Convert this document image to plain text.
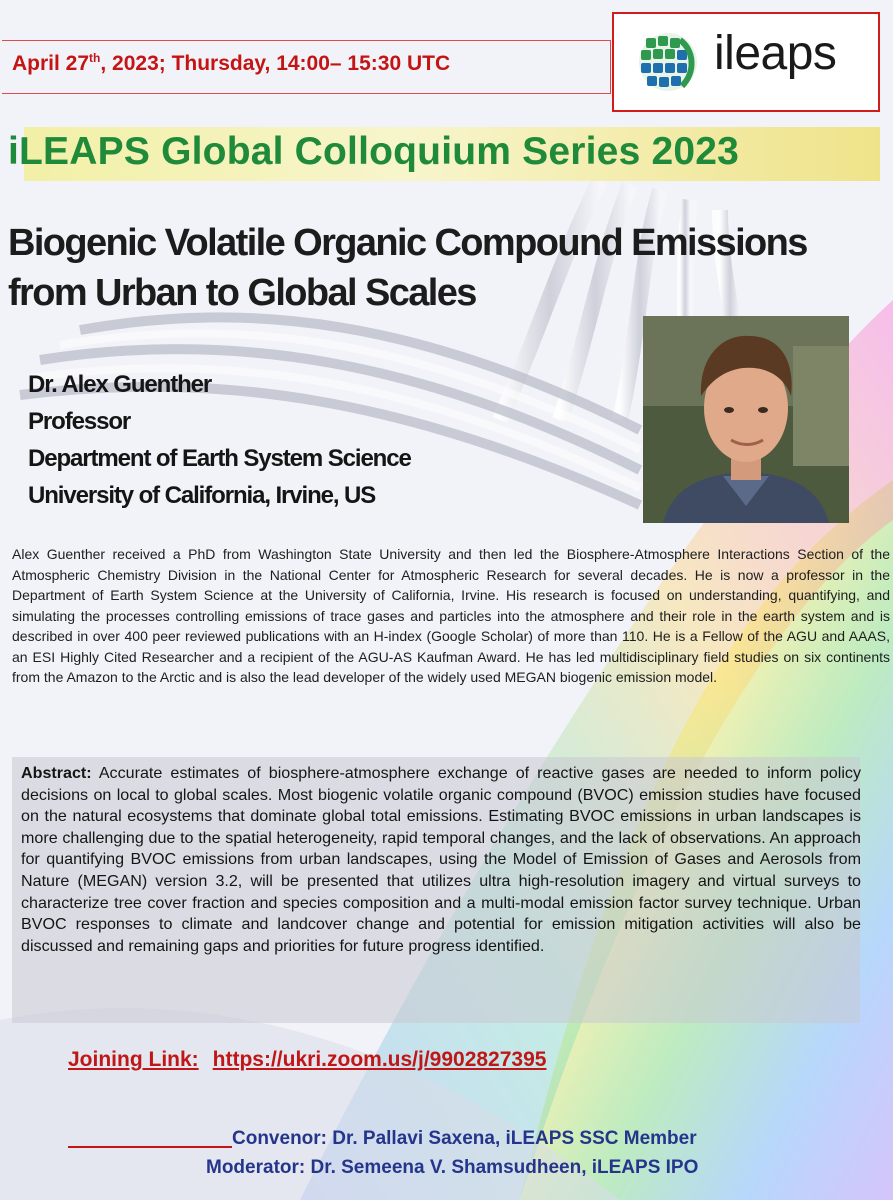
April 27th, 2023; Thursday, 14:00– 15:30 UTC	ileaps
iLEAPS Global Colloquium Series 2023
Biogenic Volatile Organic Compound Emissions from Urban to Global Scales
Dr. Alex Guenther
Professor
Department of Earth System Science
University of California, Irvine, US
Alex Guenther received a PhD from Washington State University and then led the Biosphere-Atmosphere Interactions Section of the Atmospheric Chemistry Division in the National Center for Atmospheric Research for several decades. He is now a professor in the Department of Earth System Science at the University of California, Irvine. His research is focused on understanding, quantifying, and simulating the processes controlling emissions of trace gases and particles into the atmosphere and their role in the earth system and is described in over 400 peer reviewed publications with an H-index (Google Scholar) of more than 110. He is a Fellow of the AGU and AAAS, an ESI Highly Cited Researcher and a recipient of the AGU-AS Kaufman Award. He has led multidisciplinary field studies on six continents from the Amazon to the Arctic and is also the lead developer of the widely used MEGAN biogenic emission model.
Abstract: Accurate estimates of biosphere-atmosphere exchange of reactive gases are needed to inform policy decisions on local to global scales. Most biogenic volatile organic compound (BVOC) emission studies have focused on the natural ecosystems that dominate global total emissions. Estimating BVOC emissions in urban landscapes is more challenging due to the spatial heterogeneity, rapid temporal changes, and the lack of observations. An approach for quantifying BVOC emissions from urban landscapes, using the Model of Emission of Gases and Aerosols from Nature (MEGAN) version 3.2, will be presented that utilizes ultra high-resolution imagery and virtual surveys to characterize tree cover fraction and species composition and a multi-modal emission factor survey technique. Urban BVOC responses to climate and landcover change and potential for emission mitigation activities will also be discussed and remaining gaps and priorities for future progress identified.
Joining Link: https://ukri.zoom.us/j/9902827395
Convenor: Dr. Pallavi Saxena, iLEAPS SSC Member
Moderator: Dr. Semeena V. Shamsudheen, iLEAPS IPO
